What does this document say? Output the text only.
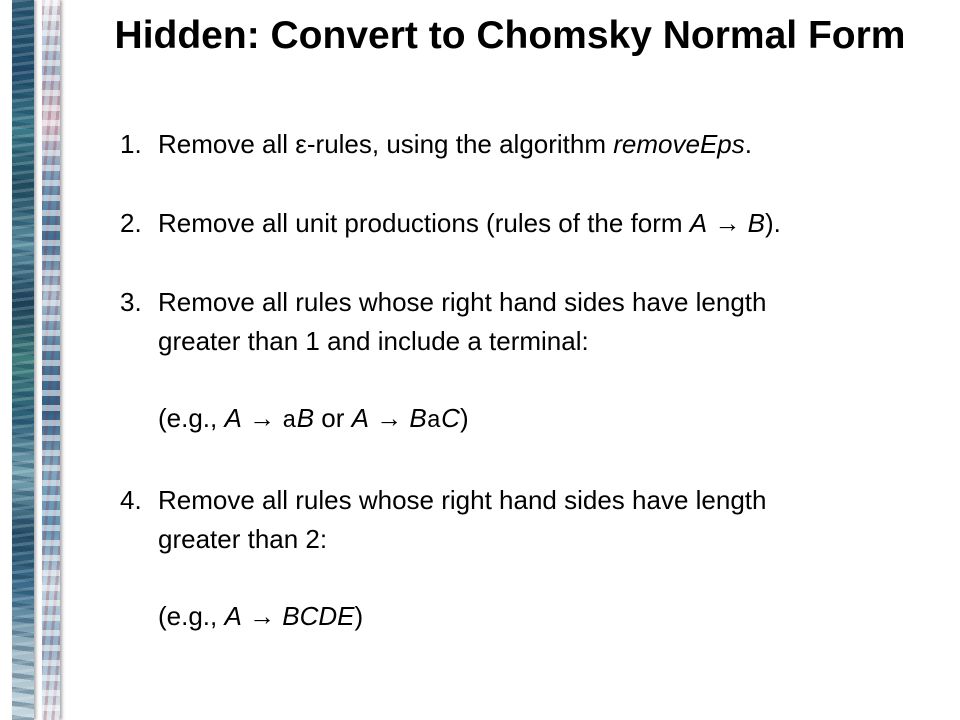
Hidden: Convert to Chomsky Normal Form

1. Remove all ε-rules, using the algorithm removeEps.

2. Remove all unit productions (rules of the form A → B).

3. Remove all rules whose right hand sides have length
greater than 1 and include a terminal:
(e.g., A → aB or A → BaC)
4. Remove all rules whose right hand sides have length
greater than 2:
(e.g., A → BCDE)
